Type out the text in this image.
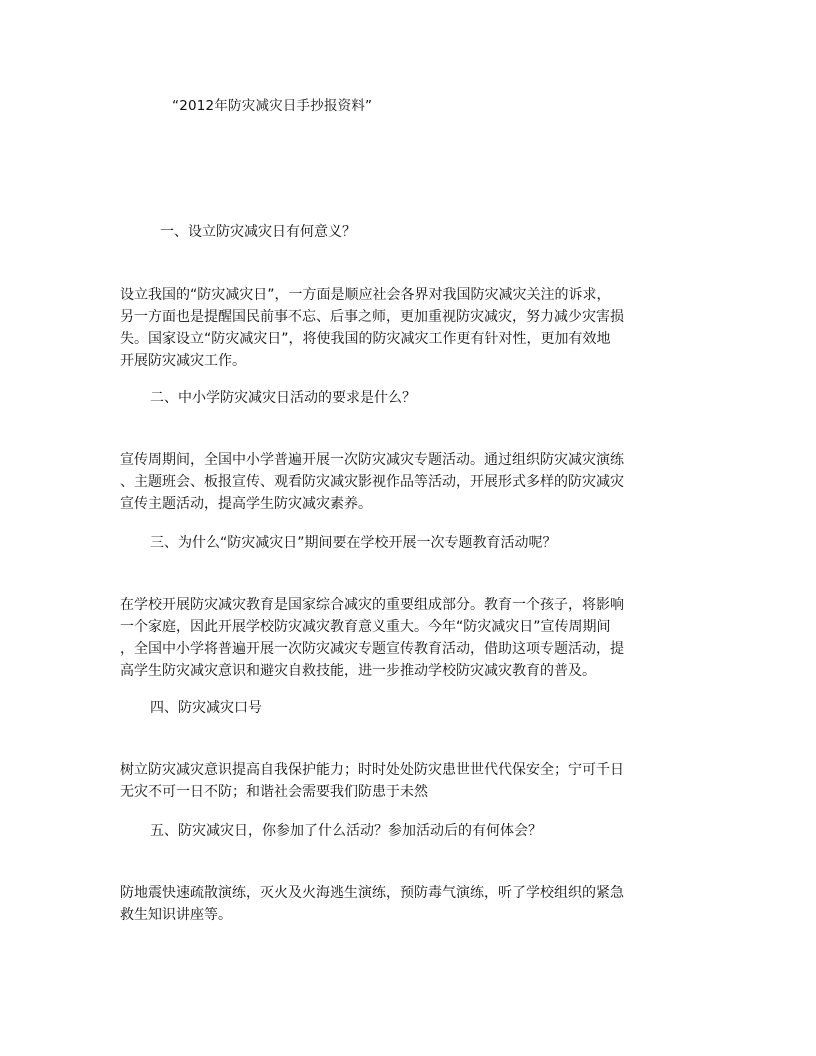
“2012年防灾减灾日手抄报资料”
一、设立防灾减灾日有何意义？
设立我国的“防灾减灾日”，一方面是顺应社会各界对我国防灾减灾关注的诉求，
另一方面也是提醒国民前事不忘、后事之师，更加重视防灾减灾，努力减少灾害损
失。国家设立“防灾减灾日”，将使我国的防灾减灾工作更有针对性，更加有效地
开展防灾减灾工作。
二、中小学防灾减灾日活动的要求是什么？
宣传周期间，全国中小学普遍开展一次防灾减灾专题活动。通过组织防灾减灾演练
、主题班会、板报宣传、观看防灾减灾影视作品等活动，开展形式多样的防灾减灾
宣传主题活动，提高学生防灾减灾素养。
三、为什么“防灾减灾日”期间要在学校开展一次专题教育活动呢？
在学校开展防灾减灾教育是国家综合减灾的重要组成部分。教育一个孩子，将影响
一个家庭，因此开展学校防灾减灾教育意义重大。今年“防灾减灾日”宣传周期间
，全国中小学将普遍开展一次防灾减灾专题宣传教育活动，借助这项专题活动，提
高学生防灾减灾意识和避灾自救技能，进一步推动学校防灾减灾教育的普及。
四、防灾减灾口号
树立防灾减灾意识提高自我保护能力；时时处处防灾患世世代代保安全；宁可千日
无灾不可一日不防；和谐社会需要我们防患于未然
五、防灾减灾日，你参加了什么活动？参加活动后的有何体会？
防地震快速疏散演练，灭火及火海逃生演练，预防毒气演练，听了学校组织的紧急
救生知识讲座等。
